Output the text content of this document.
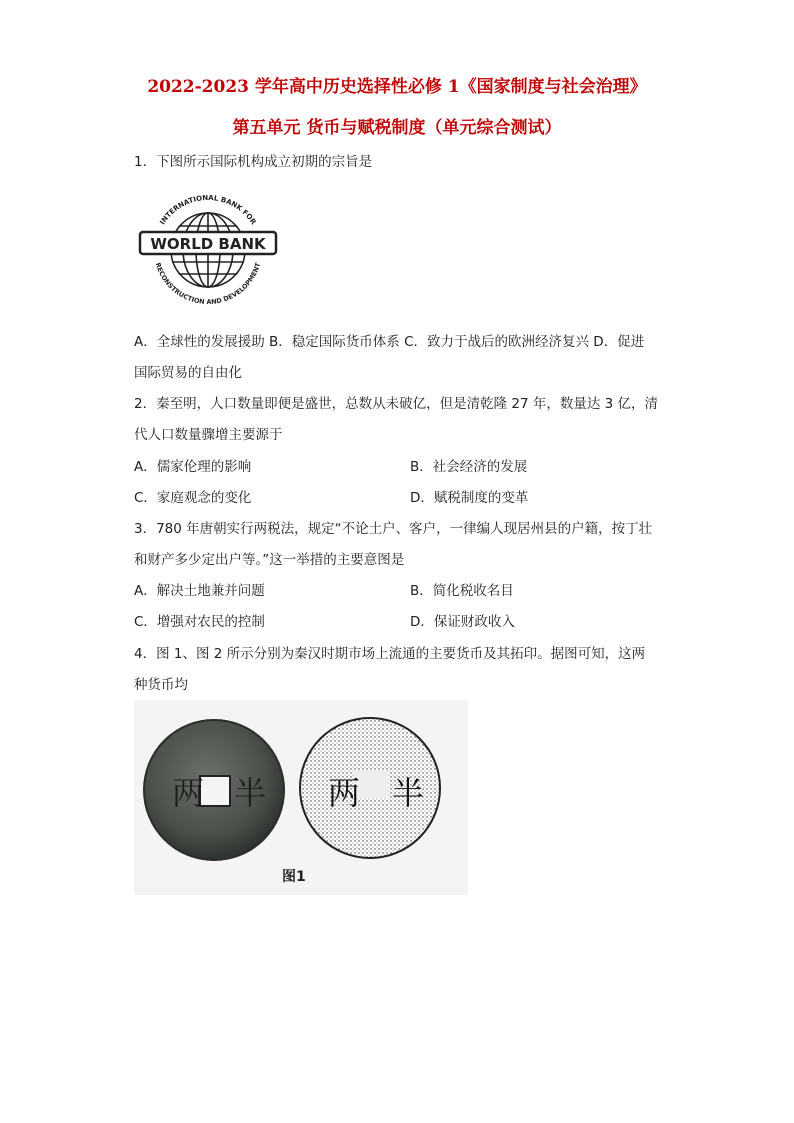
2022-2023 学年高中历史选择性必修 1《国家制度与社会治理》
第五单元 货币与赋税制度（单元综合测试）
1．下图所示国际机构成立初期的宗旨是
INTERNATIONAL BANK FOR
RECONSTRUCTION AND DEVELOPMENT
WORLD BANK
A．全球性的发展援助 B．稳定国际货币体系 C．致力于战后的欧洲经济复兴 D．促进
国际贸易的自由化
2．秦至明，人口数量即便是盛世，总数从未破亿，但是清乾隆 27 年，数量达 3 亿，清
代人口数量骤增主要源于
A．儒家伦理的影响	B．社会经济的发展
C．家庭观念的变化	D．赋税制度的变革
3．780 年唐朝实行两税法，规定“不论土户、客户，一律编人现居州县的户籍，按丁壮
和财产多少定出户等。”这一举措的主要意图是
A．解决土地兼并问题	B．简化税收名目
C．增强对农民的控制	D．保证财政收入
4．图 1、图 2 所示分别为秦汉时期市场上流通的主要货币及其拓印。据图可知，这两
种货币均
两 半 两 半
图1
